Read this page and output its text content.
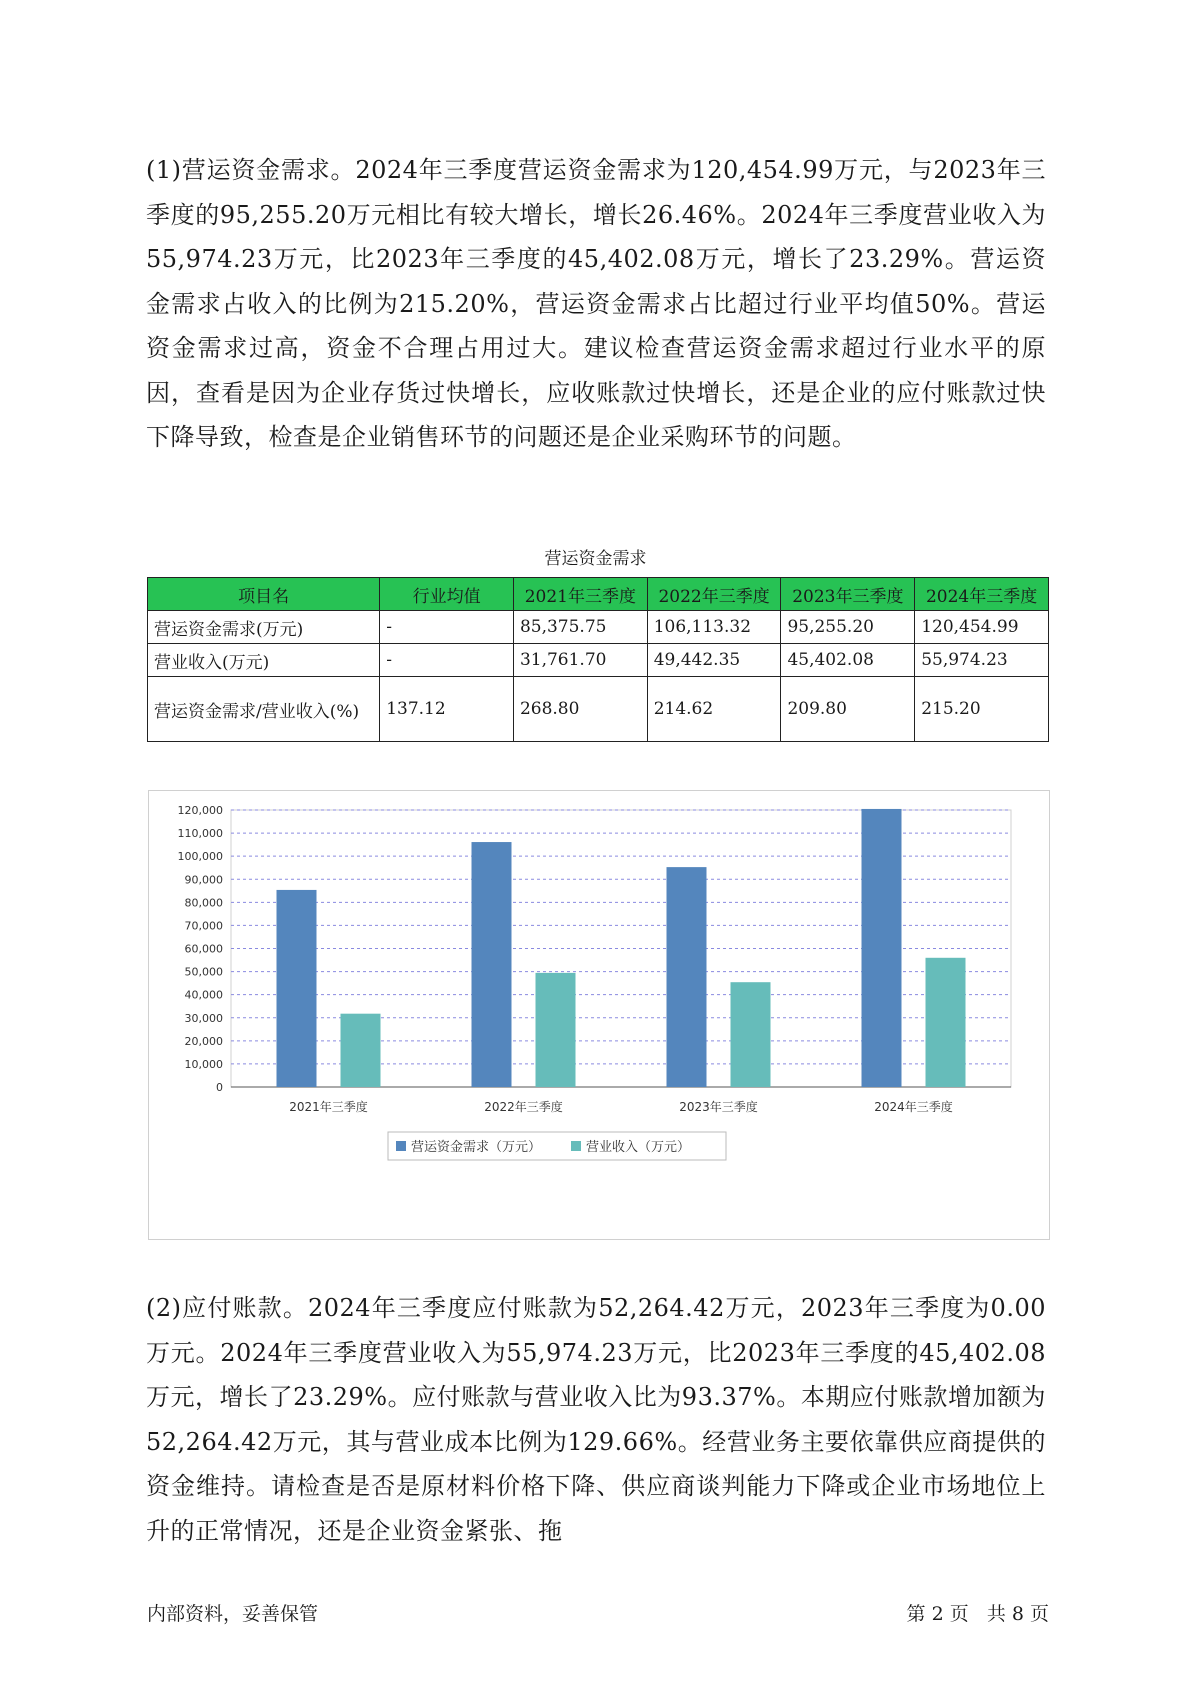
(1)营运资金需求。2024年三季度营运资金需求为120,454.99万元，与2023年三季度的95,255.20万元相比有较大增长，增长26.46%。2024年三季度营业收入为55,974.23万元，比2023年三季度的45,402.08万元，增长了23.29%。营运资金需求占收入的比例为215.20%，营运资金需求占比超过行业平均值50%。营运资金需求过高，资金不合理占用过大。建议检查营运资金需求超过行业水平的原因，查看是因为企业存货过快增长，应收账款过快增长，还是企业的应付账款过快下降导致，检查是企业销售环节的问题还是企业采购环节的问题。

营运资金需求
项目名	行业均值	2021年三季度	2022年三季度	2023年三季度	2024年三季度
营运资金需求(万元)	-	85,375.75	106,113.32	95,255.20	120,454.99
营业收入(万元)	-	31,761.70	49,442.35	45,402.08	55,974.23
营运资金需求/营业收入(%)	137.12	268.80	214.62	209.80	215.20
0
10,000
20,000
30,000
40,000
50,000
60,000
70,000
80,000
90,000
100,000
110,000
120,000
2021年三季度	2022年三季度	2023年三季度	2024年三季度
营运资金需求（万元）	营业收入（万元）

(2)应付账款。2024年三季度应付账款为52,264.42万元，2023年三季度为0.00万元。2024年三季度营业收入为55,974.23万元，比2023年三季度的45,402.08万元，增长了23.29%。应付账款与营业收入比为93.37%。本期应付账款增加额为52,264.42万元，其与营业成本比例为129.66%。经营业务主要依靠供应商提供的资金维持。请检查是否是原材料价格下降、供应商谈判能力下降或企业市场地位上升的正常情况，还是企业资金紧张、拖

内部资料，妥善保管	第 2 页   共 8 页
